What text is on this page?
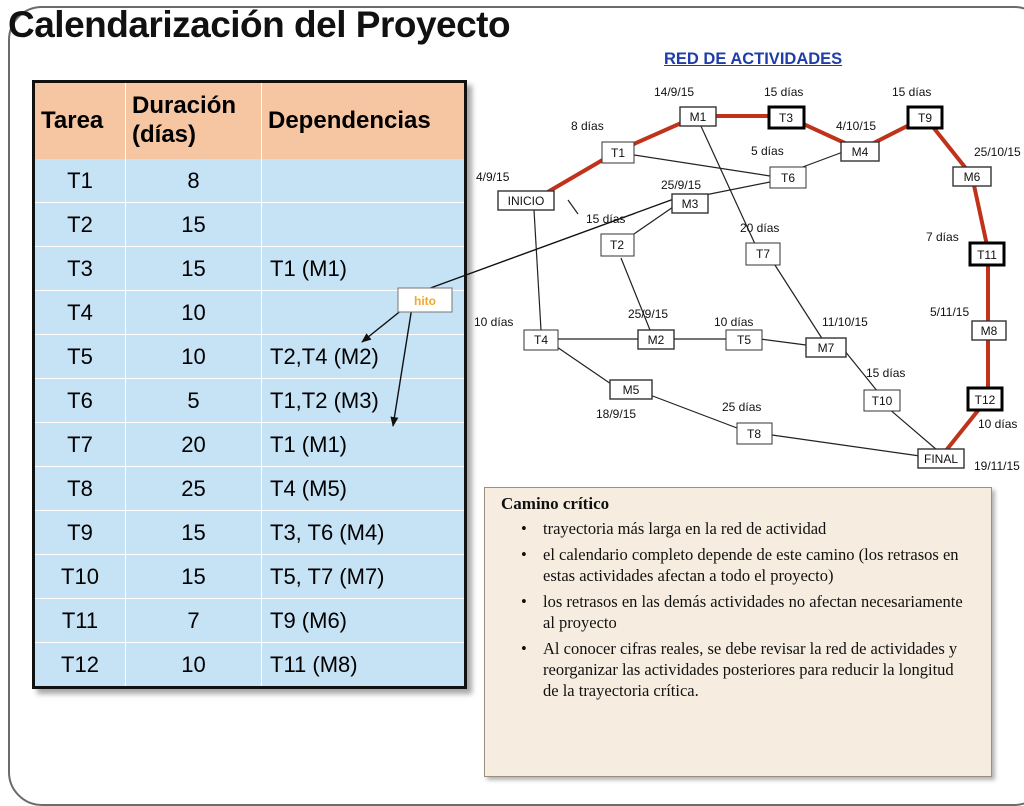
Calendarización del Proyecto
RED DE ACTIVIDADES
Tarea	Duración (días)	Dependencias
T1	8	
T2	15	
T3	15	T1 (M1)
T4	10	
T5	10	T2,T4 (M2)
T6	5	T1,T2 (M3)
T7	20	T1 (M1)
T8	25	T4 (M5)
T9	15	T3, T6 (M4)
T10	15	T5, T7 (M7)
T11	7	T9 (M6)
T12	10	T11 (M8)
INICIO
T1
M1	T3
M4
T9
M6
T11
M8
T12
FINAL
T6
M3
T2
T7
T4	M2	T5
M7
T10
M5
T8
4/9/15
8 días
14/9/15	15 días
4/10/15
15 días
25/10/15
5 días
25/9/15
15 días
20 días
7 días
5/11/15
10 días
25/9/15
10 días	11/10/15
15 días
10 días
18/9/15	25 días
19/11/15
hito
Camino crítico
• trayectoria más larga en la red de actividad
• el calendario completo depende de este camino (los retrasos en estas actividades afectan a todo el proyecto)
• los retrasos en las demás actividades no afectan necesariamente al proyecto
• Al conocer cifras reales, se debe revisar la red de actividades y reorganizar las actividades posteriores para reducir la longitud de la trayectoria crítica.
